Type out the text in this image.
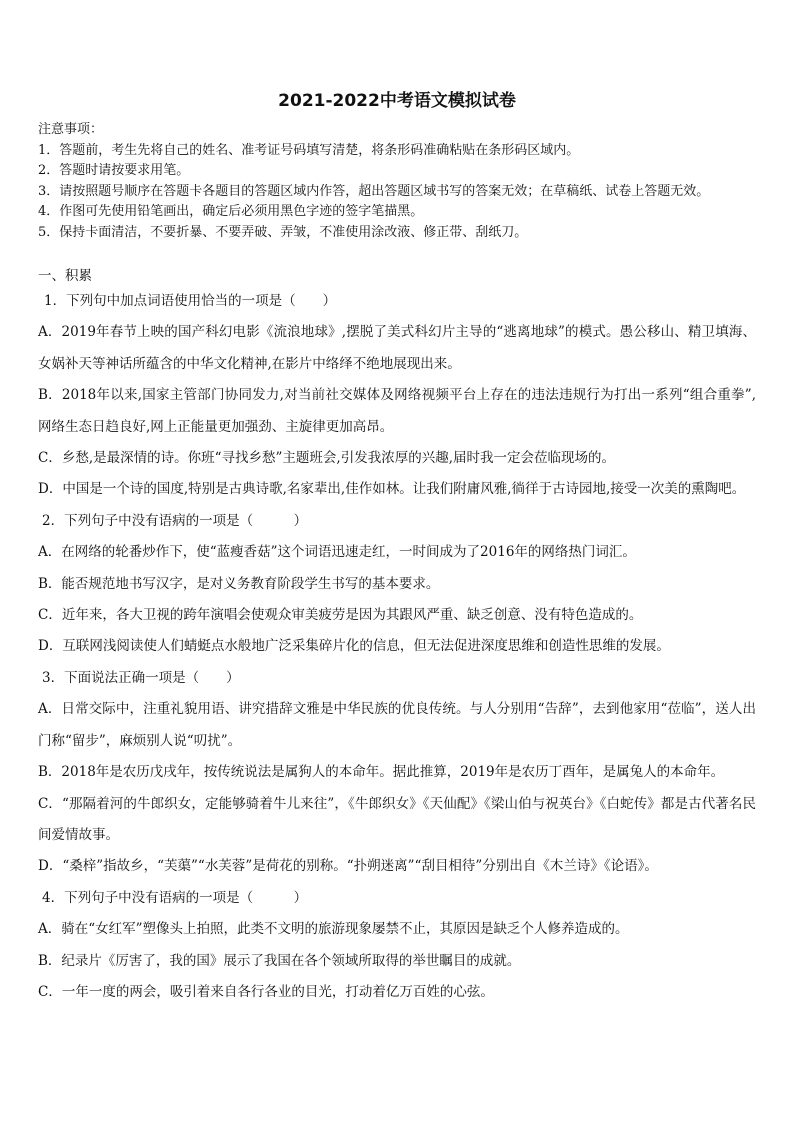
2021-2022中考语文模拟试卷
注意事项：
1．答题前，考生先将自己的姓名、准考证号码填写清楚，将条形码准确粘贴在条形码区域内。
2．答题时请按要求用笔。
3．请按照题号顺序在答题卡各题目的答题区域内作答，超出答题区域书写的答案无效；在草稿纸、试卷上答题无效。
4．作图可先使用铅笔画出，确定后必须用黑色字迹的签字笔描黑。
5．保持卡面清洁，不要折暴、不要弄破、弄皱，不准使用涂改液、修正带、刮纸刀。
一、积累
1．下列句中加点词语使用恰当的一项是（　　）
A．2019年春节上映的国产科幻电影《流浪地球》,摆脱了美式科幻片主导的“逃离地球”的模式。愚公移山、精卫填海、女娲补天等神话所蕴含的中华文化精神,在影片中络绎不绝地展现出来。
B．2018年以来,国家主管部门协同发力,对当前社交媒体及网络视频平台上存在的违法违规行为打出一系列“组合重拳”,网络生态日趋良好,网上正能量更加强劲、主旋律更加高昂。
C．乡愁,是最深情的诗。你班“寻找乡愁”主题班会,引发我浓厚的兴趣,届时我一定会莅临现场的。
D．中国是一个诗的国度,特别是古典诗歌,名家辈出,佳作如林。让我们附庸风雅,徜徉于古诗园地,接受一次美的熏陶吧。
2．下列句子中没有语病的一项是（　　　）
A．在网络的轮番炒作下，使“蓝瘦香菇”这个词语迅速走红，一时间成为了2016年的网络热门词汇。
B．能否规范地书写汉字，是对义务教育阶段学生书写的基本要求。
C．近年来，各大卫视的跨年演唱会使观众审美疲劳是因为其跟风严重、缺乏创意、没有特色造成的。
D．互联网浅阅读使人们蜻蜓点水般地广泛采集碎片化的信息，但无法促进深度思维和创造性思维的发展。
3．下面说法正确一项是（　　）
A．日常交际中，注重礼貌用语、讲究措辞文雅是中华民族的优良传统。与人分别用“告辞”，去到他家用“莅临”，送人出门称“留步”，麻烦别人说“叨扰”。
B．2018年是农历戊戌年，按传统说法是属狗人的本命年。据此推算，2019年是农历丁酉年，是属兔人的本命年。
C．“那隔着河的牛郎织女，定能够骑着牛儿来往”，《牛郎织女》《天仙配》《梁山伯与祝英台》《白蛇传》都是古代著名民间爱情故事。
D．“桑梓”指故乡，“芙蕖”“水芙蓉”是荷花的别称。“扑朔迷离”“刮目相待”分别出自《木兰诗》《论语》。
4．下列句子中没有语病的一项是（　　　）
A．骑在“女红军”塑像头上拍照，此类不文明的旅游现象屡禁不止，其原因是缺乏个人修养造成的。
B．纪录片《厉害了，我的国》展示了我国在各个领域所取得的举世瞩目的成就。
C．一年一度的两会，吸引着来自各行各业的目光，打动着亿万百姓的心弦。
